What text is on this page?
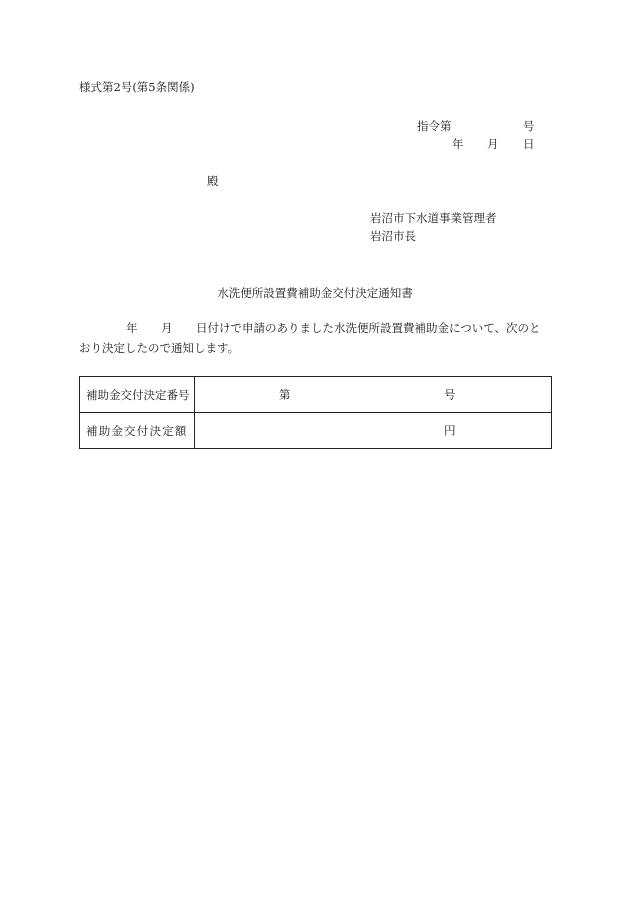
様式第2号(第5条関係)
指令第	号
年 月 日
殿
岩沼市下水道事業管理者
岩沼市長
水洗便所設置費補助金交付決定通知書
年 月 日付けで申請のありました水洗便所設置費補助金について、次のと
おり決定したので通知します。
補助金交付決定番号	第 号

補助金交付決定額	円
